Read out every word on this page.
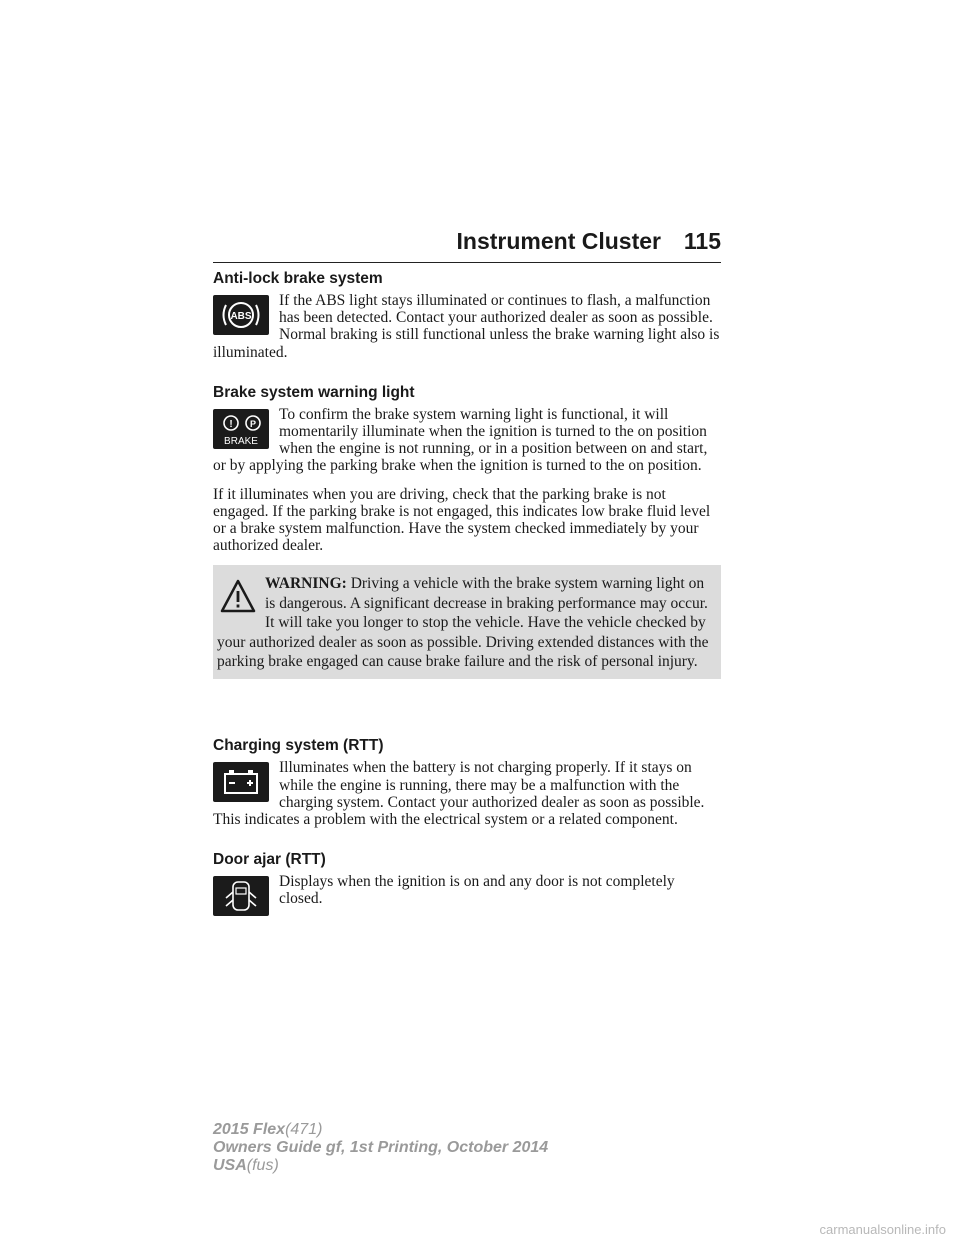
Instrument Cluster 115
Anti-lock brake system
ABS

If the ABS light stays illuminated or continues to flash, a malfunction has been detected. Contact your authorized dealer as soon as possible. Normal braking is still functional unless the brake warning light also is illuminated.

Brake system warning light
! P
BRAKE

To confirm the brake system warning light is functional, it will momentarily illuminate when the ignition is turned to the on position when the engine is not running, or in a position between on and start, or by applying the parking brake when the ignition is turned to the on position.

If it illuminates when you are driving, check that the parking brake is not engaged. If the parking brake is not engaged, this indicates low brake fluid level or a brake system malfunction. Have the system checked immediately by your authorized dealer.

WARNING: Driving a vehicle with the brake system warning light on is dangerous. A significant decrease in braking performance may occur. It will take you longer to stop the vehicle. Have the vehicle checked by your authorized dealer as soon as possible. Driving extended distances with the parking brake engaged can cause brake failure and the risk of personal injury.
Charging system (RTT)

Illuminates when the battery is not charging properly. If it stays on while the engine is running, there may be a malfunction with the charging system. Contact your authorized dealer as soon as possible. This indicates a problem with the electrical system or a related component.

Door ajar (RTT)

Displays when the ignition is on and any door is not completely closed.

2015 Flex(471)
Owners Guide gf, 1st Printing, October 2014
USA(fus)
carmanualsonline.info
